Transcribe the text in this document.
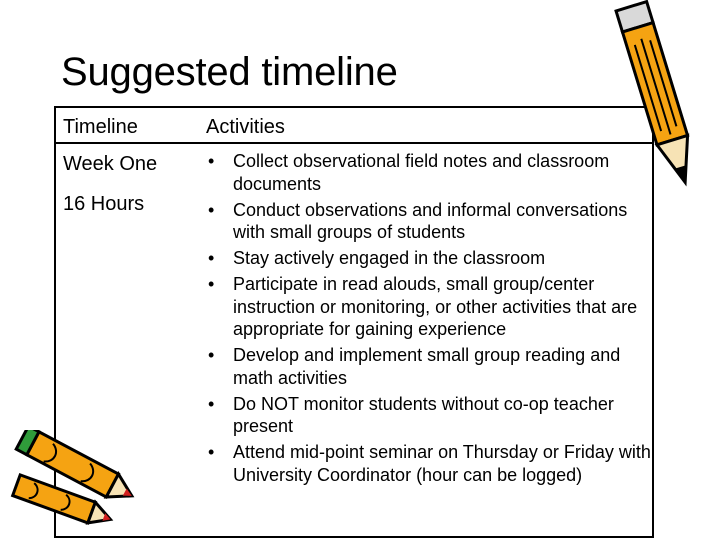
Suggested timeline
Timeline	Activities
Week One
16 Hours
• Collect observational field notes and classroom documents
• Conduct observations and informal conversations with small groups of students
• Stay actively engaged in the classroom
• Participate in read alouds, small group/center instruction or monitoring, or other activities that are appropriate for gaining experience
• Develop and implement small group reading and math activities
• Do NOT monitor students without co-op teacher present
• Attend mid-point seminar on Thursday or Friday with University Coordinator (hour can be logged)
